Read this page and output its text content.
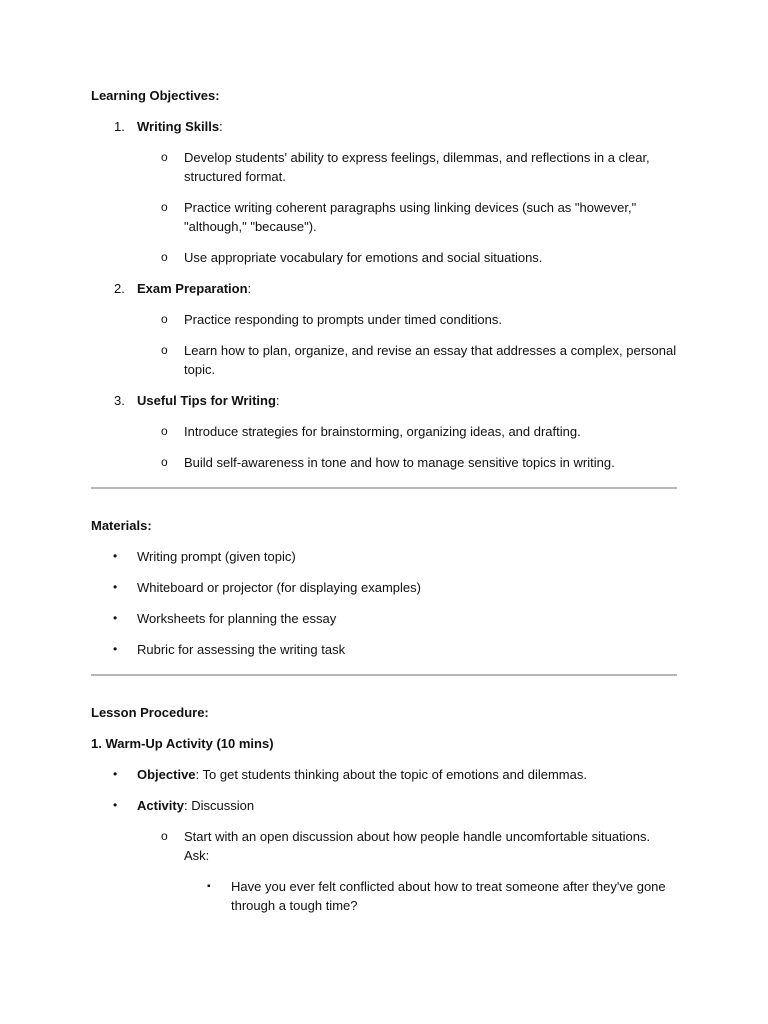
Learning Objectives:

1. Writing Skills:
o Develop students' ability to express feelings, dilemmas, and reflections in a clear, structured format.
o Practice writing coherent paragraphs using linking devices (such as "however," "although," "because").
o Use appropriate vocabulary for emotions and social situations.
2. Exam Preparation:
o Practice responding to prompts under timed conditions.
o Learn how to plan, organize, and revise an essay that addresses a complex, personal topic.
3. Useful Tips for Writing:
o Introduce strategies for brainstorming, organizing ideas, and drafting.
o Build self-awareness in tone and how to manage sensitive topics in writing.

Materials:

• Writing prompt (given topic)
• Whiteboard or projector (for displaying examples)
• Worksheets for planning the essay
• Rubric for assessing the writing task

Lesson Procedure:

1. Warm-Up Activity (10 mins)

• Objective: To get students thinking about the topic of emotions and dilemmas.
• Activity: Discussion
o Start with an open discussion about how people handle uncomfortable situations. Ask:
▪ Have you ever felt conflicted about how to treat someone after they've gone through a tough time?
